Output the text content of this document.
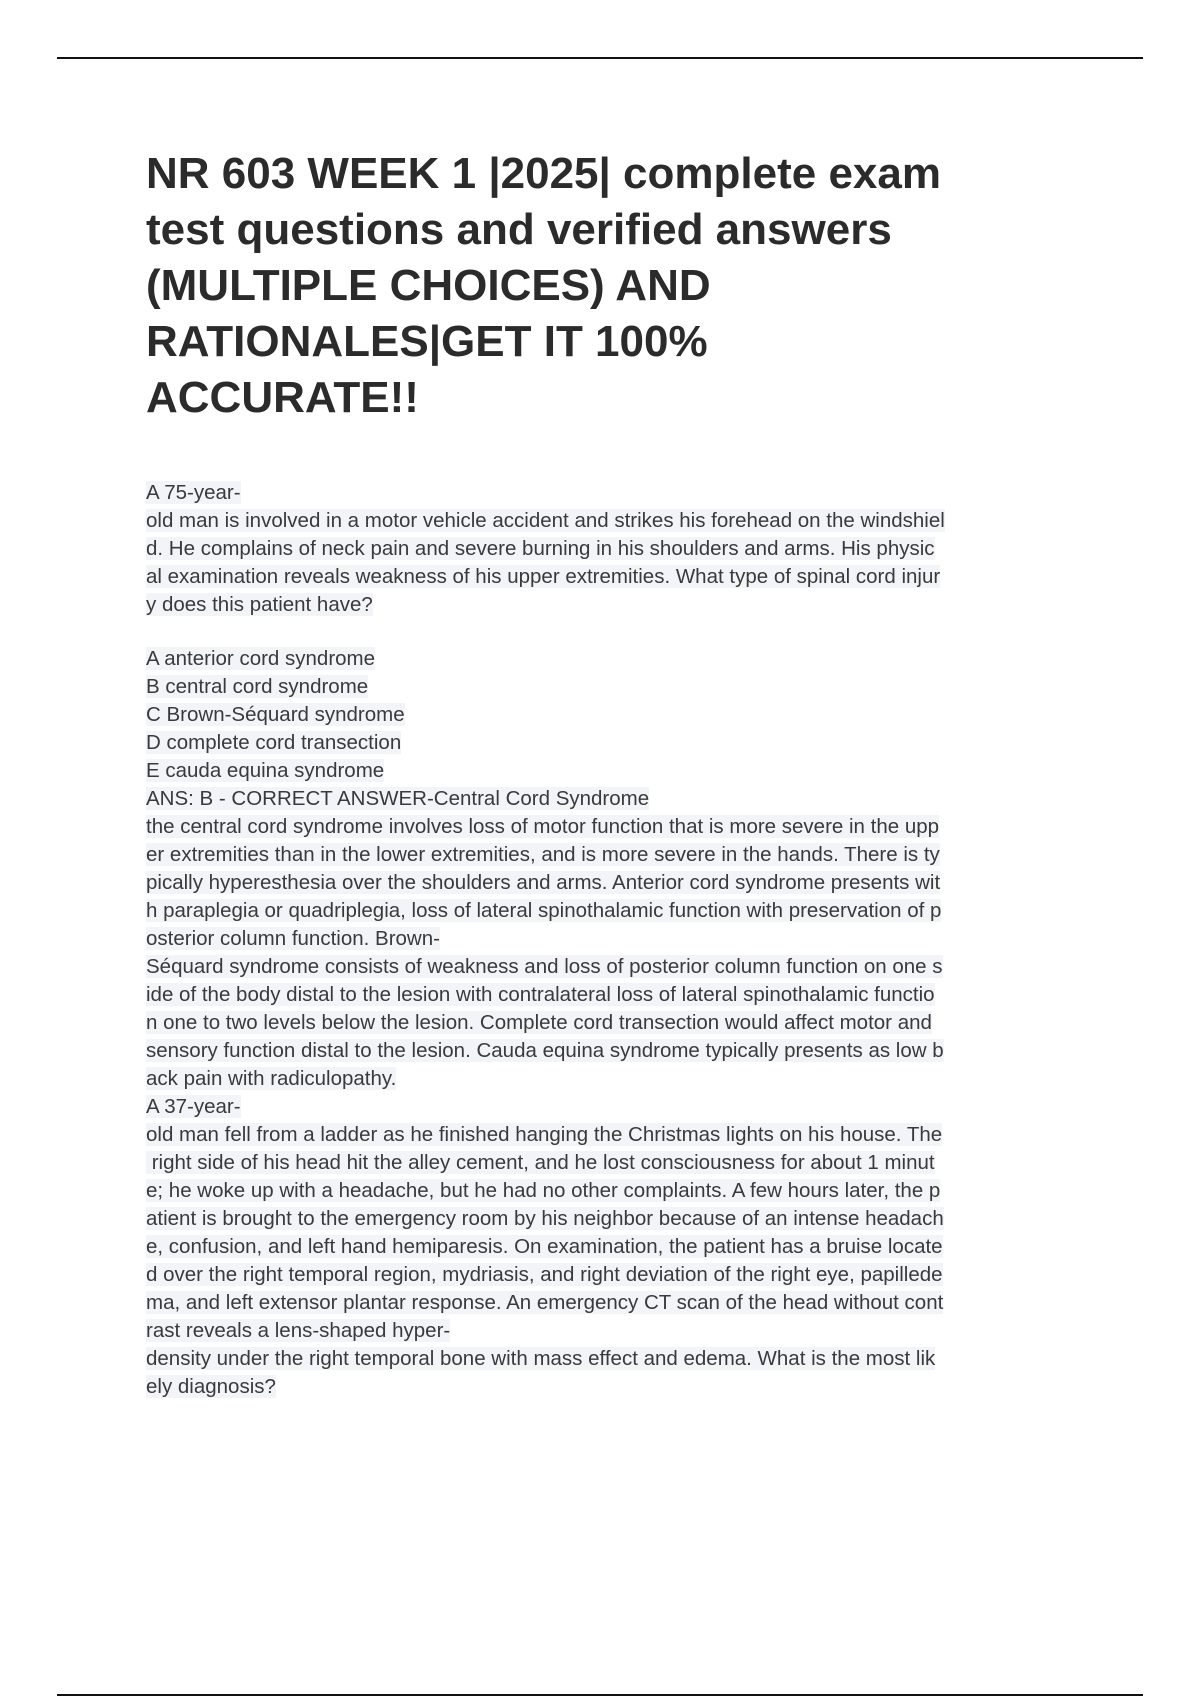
NR 603 WEEK 1 |2025| complete exam
test questions and verified answers
(MULTIPLE CHOICES) AND
RATIONALES|GET IT 100%
ACCURATE!!
A 75-year-
old man is involved in a motor vehicle accident and strikes his forehead on the windshiel
d. He complains of neck pain and severe burning in his shoulders and arms. His physic
al examination reveals weakness of his upper extremities. What type of spinal cord injur
y does this patient have?
A anterior cord syndrome
B central cord syndrome
C Brown-Séquard syndrome
D complete cord transection
E cauda equina syndrome
ANS: B - CORRECT ANSWER-Central Cord Syndrome
the central cord syndrome involves loss of motor function that is more severe in the upp
er extremities than in the lower extremities, and is more severe in the hands. There is ty
pically hyperesthesia over the shoulders and arms. Anterior cord syndrome presents wit
h paraplegia or quadriplegia, loss of lateral spinothalamic function with preservation of p
osterior column function. Brown-
Séquard syndrome consists of weakness and loss of posterior column function on one s
ide of the body distal to the lesion with contralateral loss of lateral spinothalamic functio
n one to two levels below the lesion. Complete cord transection would affect motor and
sensory function distal to the lesion. Cauda equina syndrome typically presents as low b
ack pain with radiculopathy.
A 37-year-
old man fell from a ladder as he finished hanging the Christmas lights on his house. The
right side of his head hit the alley cement, and he lost consciousness for about 1 minut
e; he woke up with a headache, but he had no other complaints. A few hours later, the p
atient is brought to the emergency room by his neighbor because of an intense headach
e, confusion, and left hand hemiparesis. On examination, the patient has a bruise locate
d over the right temporal region, mydriasis, and right deviation of the right eye, papillede
ma, and left extensor plantar response. An emergency CT scan of the head without cont
rast reveals a lens-shaped hyper-
density under the right temporal bone with mass effect and edema. What is the most lik
ely diagnosis?
